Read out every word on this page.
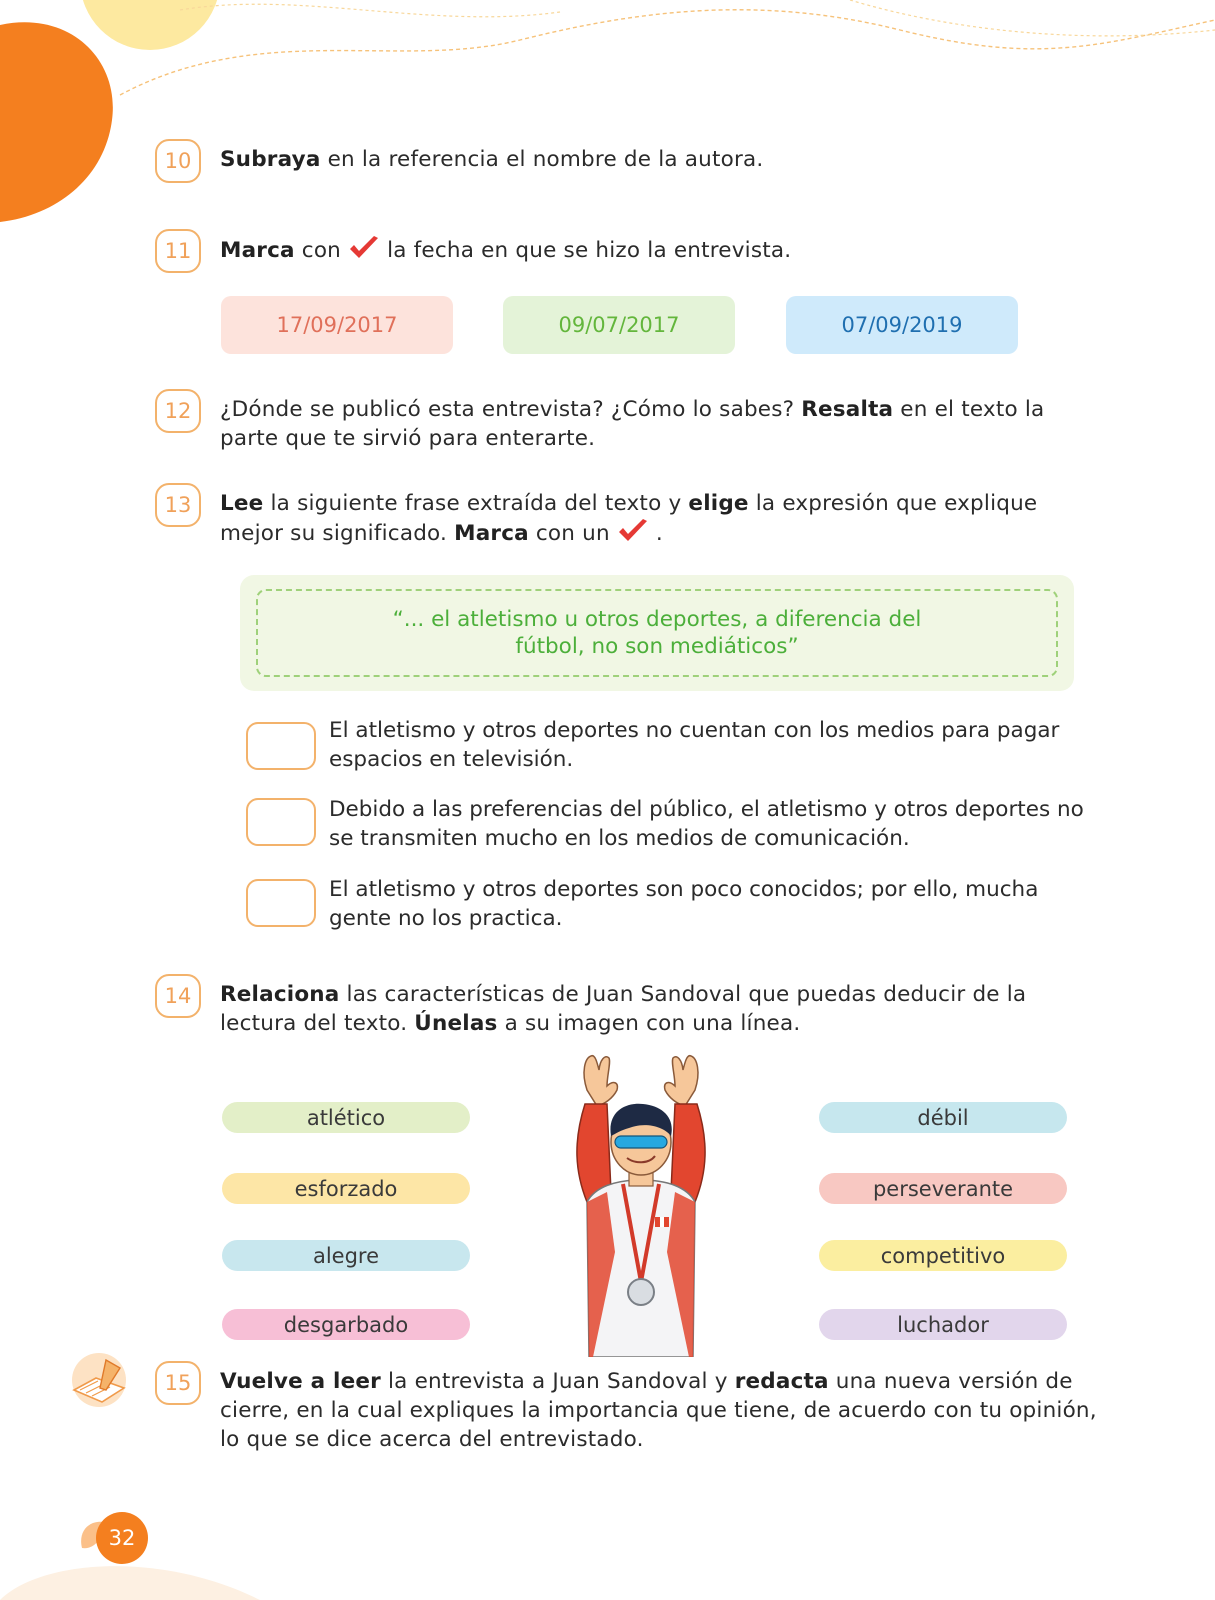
10	Subraya en la referencia el nombre de la autora.
11	Marca con  la fecha en que se hizo la entrevista.
17/09/2017	09/07/2017	07/09/2019
12	¿Dónde se publicó esta entrevista? ¿Cómo lo sabes? Resalta en el texto la parte que te sirvió para enterarte.
13	Lee la siguiente frase extraída del texto y elige la expresión que explique mejor su significado. Marca con un  .
“... el atletismo u otros deportes, a diferencia del fútbol, no son mediáticos”
El atletismo y otros deportes no cuentan con los medios para pagar espacios en televisión.
Debido a las preferencias del público, el atletismo y otros deportes no se transmiten mucho en los medios de comunicación.
El atletismo y otros deportes son poco conocidos; por ello, mucha gente no los practica.
14	Relaciona las características de Juan Sandoval que puedas deducir de la lectura del texto. Únelas a su imagen con una línea.
atlético
esforzado
alegre
desgarbado
débil
perseverante
competitivo
luchador
15	Vuelve a leer la entrevista a Juan Sandoval y redacta una nueva versión de cierre, en la cual expliques la importancia que tiene, de acuerdo con tu opinión, lo que se dice acerca del entrevistado.
32
